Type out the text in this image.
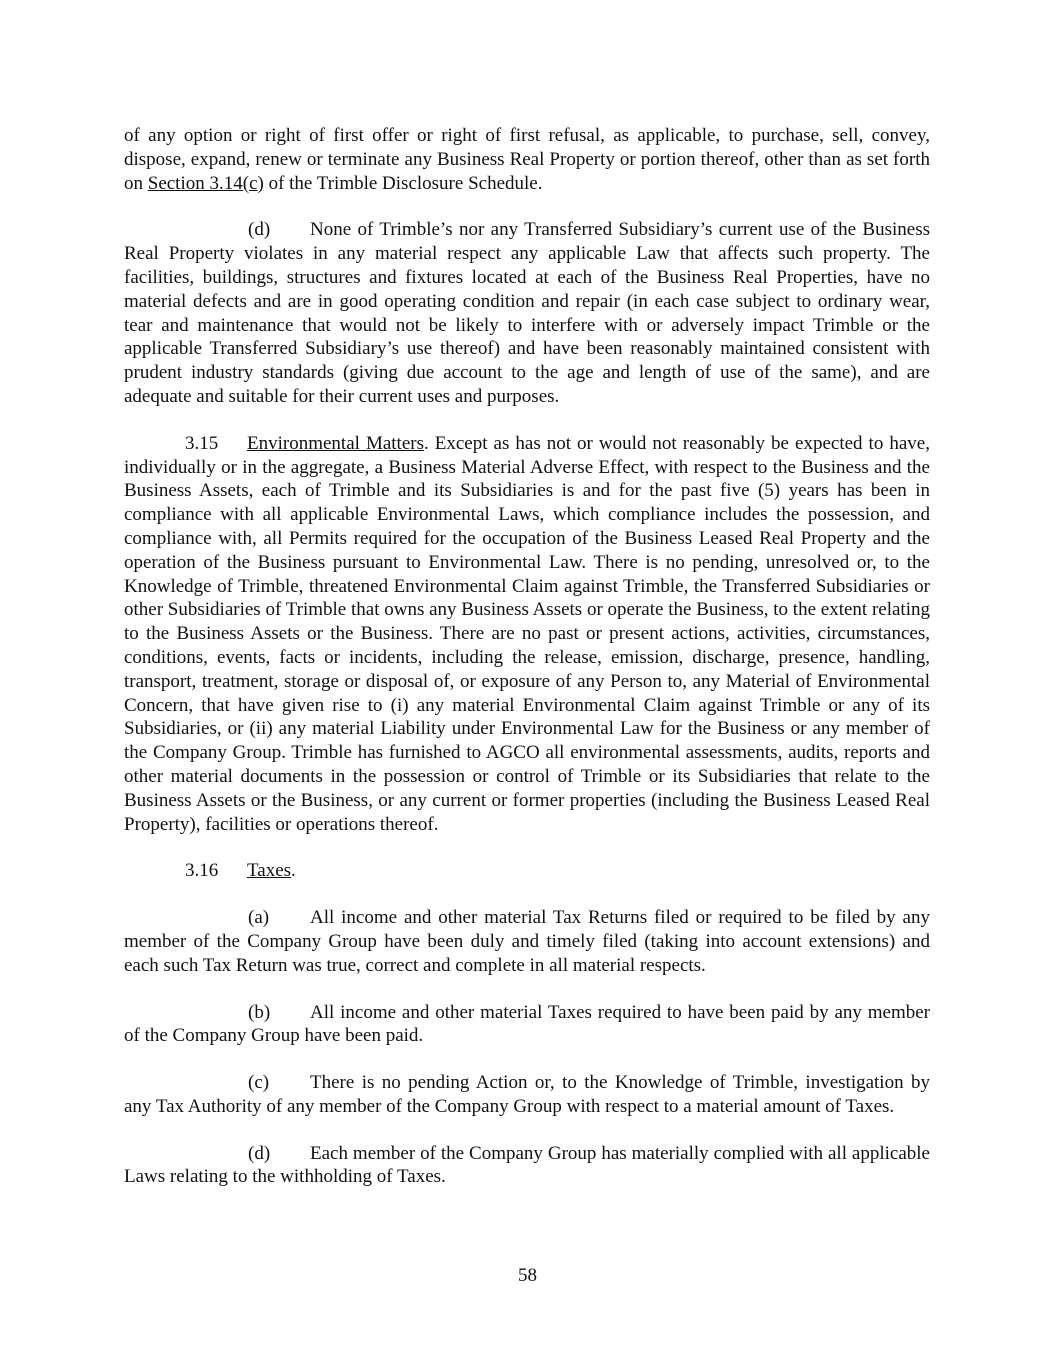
of any option or right of first offer or right of first refusal, as applicable, to purchase, sell, convey, dispose, expand, renew or terminate any Business Real Property or portion thereof, other than as set forth on Section 3.14(c) of the Trimble Disclosure Schedule.

(d) None of Trimble’s nor any Transferred Subsidiary’s current use of the Business Real Property violates in any material respect any applicable Law that affects such property. The facilities, buildings, structures and fixtures located at each of the Business Real Properties, have no material defects and are in good operating condition and repair (in each case subject to ordinary wear, tear and maintenance that would not be likely to interfere with or adversely impact Trimble or the applicable Transferred Subsidiary’s use thereof) and have been reasonably maintained consistent with prudent industry standards (giving due account to the age and length of use of the same), and are adequate and suitable for their current uses and purposes.

3.15 Environmental Matters. Except as has not or would not reasonably be expected to have, individually or in the aggregate, a Business Material Adverse Effect, with respect to the Business and the Business Assets, each of Trimble and its Subsidiaries is and for the past five (5) years has been in compliance with all applicable Environmental Laws, which compliance includes the possession, and compliance with, all Permits required for the occupation of the Business Leased Real Property and the operation of the Business pursuant to Environmental Law. There is no pending, unresolved or, to the Knowledge of Trimble, threatened Environmental Claim against Trimble, the Transferred Subsidiaries or other Subsidiaries of Trimble that owns any Business Assets or operate the Business, to the extent relating to the Business Assets or the Business. There are no past or present actions, activities, circumstances, conditions, events, facts or incidents, including the release, emission, discharge, presence, handling, transport, treatment, storage or disposal of, or exposure of any Person to, any Material of Environmental Concern, that have given rise to (i) any material Environmental Claim against Trimble or any of its Subsidiaries, or (ii) any material Liability under Environmental Law for the Business or any member of the Company Group. Trimble has furnished to AGCO all environmental assessments, audits, reports and other material documents in the possession or control of Trimble or its Subsidiaries that relate to the Business Assets or the Business, or any current or former properties (including the Business Leased Real Property), facilities or operations thereof.

3.16 Taxes.

(a) All income and other material Tax Returns filed or required to be filed by any member of the Company Group have been duly and timely filed (taking into account extensions) and each such Tax Return was true, correct and complete in all material respects.

(b) All income and other material Taxes required to have been paid by any member of the Company Group have been paid.

(c) There is no pending Action or, to the Knowledge of Trimble, investigation by any Tax Authority of any member of the Company Group with respect to a material amount of Taxes.

(d) Each member of the Company Group has materially complied with all applicable Laws relating to the withholding of Taxes.

58
